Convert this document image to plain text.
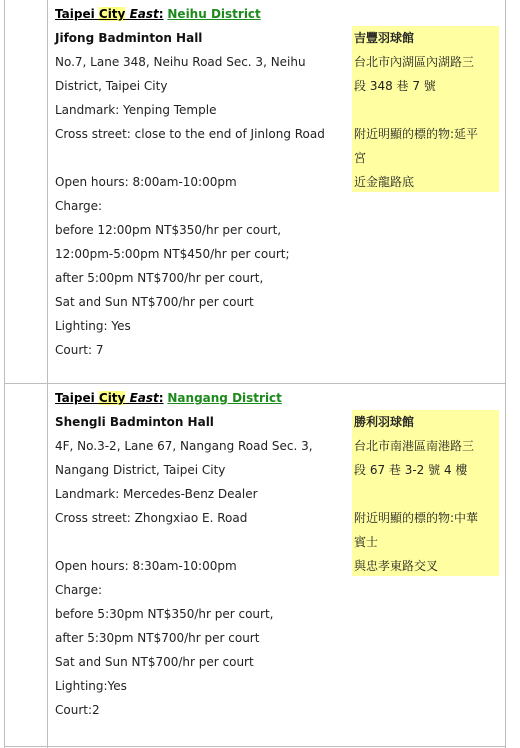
Taipei City East: Neihu District
Jifong Badminton Hall
No.7, Lane 348, Neihu Road Sec. 3, Neihu
District, Taipei City
Landmark: Yenping Temple
Cross street: close to the end of Jinlong Road
Open hours: 8:00am-10:00pm
Charge:
before 12:00pm NT$350/hr per court,
12:00pm-5:00pm NT$450/hr per court;
after 5:00pm NT$700/hr per court,
Sat and Sun NT$700/hr per court
Lighting: Yes
Court: 7
吉豐羽球館
台北市內湖區內湖路三
段 348 巷 7 號
附近明顯的標的物:延平
宮
近金龍路底
Taipei City East: Nangang District
Shengli Badminton Hall
4F, No.3-2, Lane 67, Nangang Road Sec. 3,
Nangang District, Taipei City
Landmark: Mercedes-Benz Dealer
Cross street: Zhongxiao E. Road
Open hours: 8:30am-10:00pm
Charge:
before 5:30pm NT$350/hr per court,
after 5:30pm NT$700/hr per court
Sat and Sun NT$700/hr per court
Lighting:Yes
Court:2
勝利羽球館
台北市南港區南港路三
段 67 巷 3-2 號 4 樓
附近明顯的標的物:中華
賓士
與忠孝東路交叉
